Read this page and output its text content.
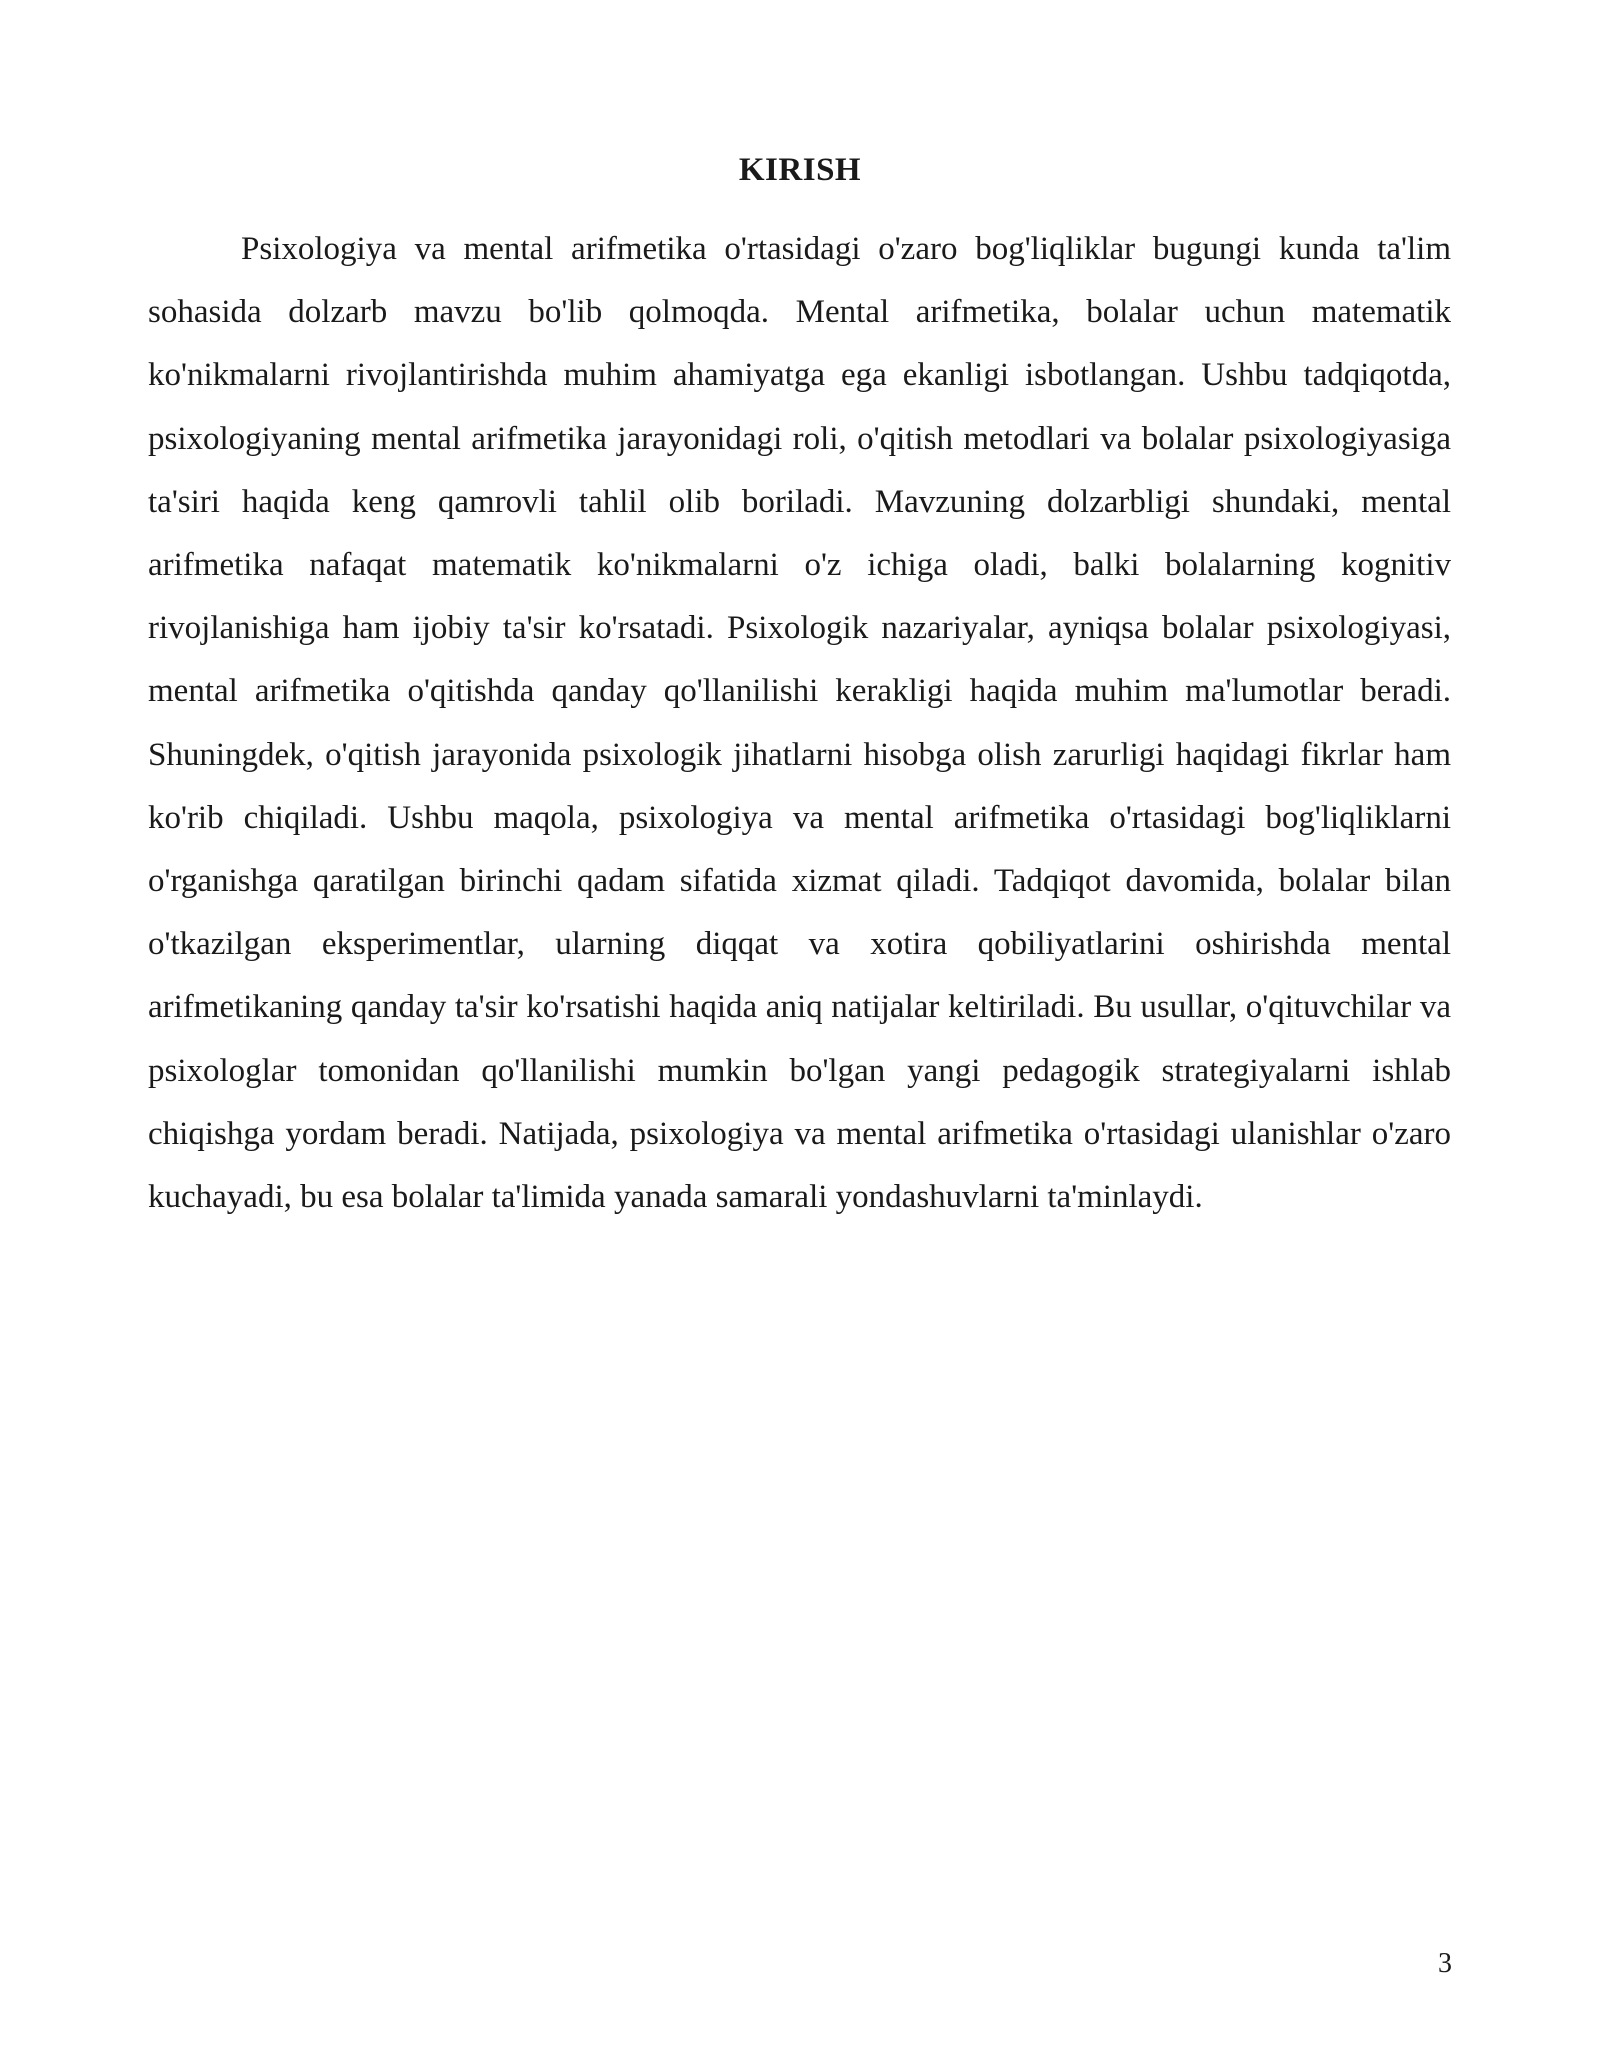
KIRISH

Psixologiya va mental arifmetika o'rtasidagi o'zaro bog'liqliklar bugungi kunda ta'lim sohasida dolzarb mavzu bo'lib qolmoqda. Mental arifmetika, bolalar uchun matematik ko'nikmalarni rivojlantirishda muhim ahamiyatga ega ekanligi isbotlangan. Ushbu tadqiqotda, psixologiyaning mental arifmetika jarayonidagi roli, o'qitish metodlari va bolalar psixologiyasiga ta'siri haqida keng qamrovli tahlil olib boriladi. Mavzuning dolzarbligi shundaki, mental arifmetika nafaqat matematik ko'nikmalarni o'z ichiga oladi, balki bolalarning kognitiv rivojlanishiga ham ijobiy ta'sir ko'rsatadi. Psixologik nazariyalar, ayniqsa bolalar psixologiyasi, mental arifmetika o'qitishda qanday qo'llanilishi kerakligi haqida muhim ma'lumotlar beradi. Shuningdek, o'qitish jarayonida psixologik jihatlarni hisobga olish zarurligi haqidagi fikrlar ham ko'rib chiqiladi. Ushbu maqola, psixologiya va mental arifmetika o'rtasidagi bog'liqliklarni o'rganishga qaratilgan birinchi qadam sifatida xizmat qiladi. Tadqiqot davomida, bolalar bilan o'tkazilgan eksperimentlar, ularning diqqat va xotira qobiliyatlarini oshirishda mental arifmetikaning qanday ta'sir ko'rsatishi haqida aniq natijalar keltiriladi. Bu usullar, o'qituvchilar va psixologlar tomonidan qo'llanilishi mumkin bo'lgan yangi pedagogik strategiyalarni ishlab chiqishga yordam beradi. Natijada, psixologiya va mental arifmetika o'rtasidagi ulanishlar o'zaro kuchayadi, bu esa bolalar ta'limida yanada samarali yondashuvlarni ta'minlaydi.

3
